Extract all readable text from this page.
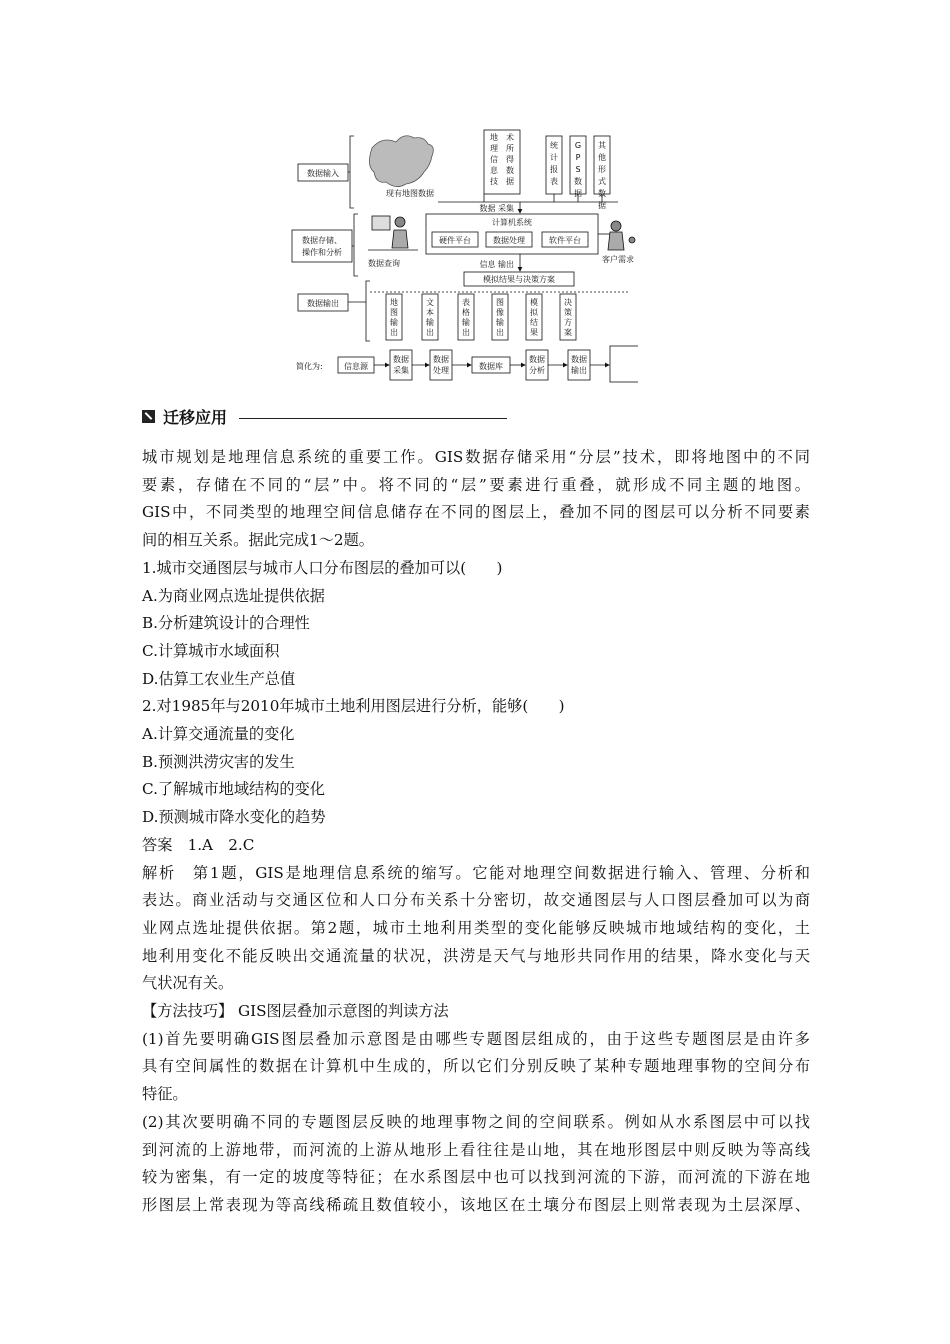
数据输入
现有地图数据
地理信息技术所得数据
统计报表
G P S 数据
其他形式数据
数据 采集
数据存储、操作和分析
数据查询
计算机系统
硬件平台	数据处理	软件平台
客户需求
信息 输出
模拟结果与决策方案
数据输出	地图输出
文本输出
表格输出
图像输出
模拟结果
决策方案
简化为:	信息源	数据库
数据采集
数据处理
数据分析
数据输出
迁移应用

城市规划是地理信息系统的重要工作。GIS数据存储采用“分层”技术，即将地图中的不同

要素，存储在不同的“层”中。将不同的“层”要素进行重叠，就形成不同主题的地图。

GIS中，不同类型的地理空间信息储存在不同的图层上，叠加不同的图层可以分析不同要素

间的相互关系。据此完成1～2题。

1.城市交通图层与城市人口分布图层的叠加可以(　　)

A.为商业网点选址提供依据

B.分析建筑设计的合理性

C.计算城市水域面积

D.估算工农业生产总值

2.对1985年与2010年城市土地利用图层进行分析，能够(　　)

A.计算交通流量的变化

B.预测洪涝灾害的发生

C.了解城市地域结构的变化

D.预测城市降水变化的趋势

答案　1.A　2.C

解析　第1题，GIS是地理信息系统的缩写。它能对地理空间数据进行输入、管理、分析和

表达。商业活动与交通区位和人口分布关系十分密切，故交通图层与人口图层叠加可以为商

业网点选址提供依据。第2题，城市土地利用类型的变化能够反映城市地域结构的变化，土

地利用变化不能反映出交通流量的状况，洪涝是天气与地形共同作用的结果，降水变化与天

气状况有关。

【方法技巧】 GIS图层叠加示意图的判读方法

(1)首先要明确GIS图层叠加示意图是由哪些专题图层组成的，由于这些专题图层是由许多

具有空间属性的数据在计算机中生成的，所以它们分别反映了某种专题地理事物的空间分布

特征。

(2)其次要明确不同的专题图层反映的地理事物之间的空间联系。例如从水系图层中可以找

到河流的上游地带，而河流的上游从地形上看往往是山地，其在地形图层中则反映为等高线

较为密集，有一定的坡度等特征；在水系图层中也可以找到河流的下游，而河流的下游在地

形图层上常表现为等高线稀疏且数值较小，该地区在土壤分布图层上则常表现为土层深厚、
